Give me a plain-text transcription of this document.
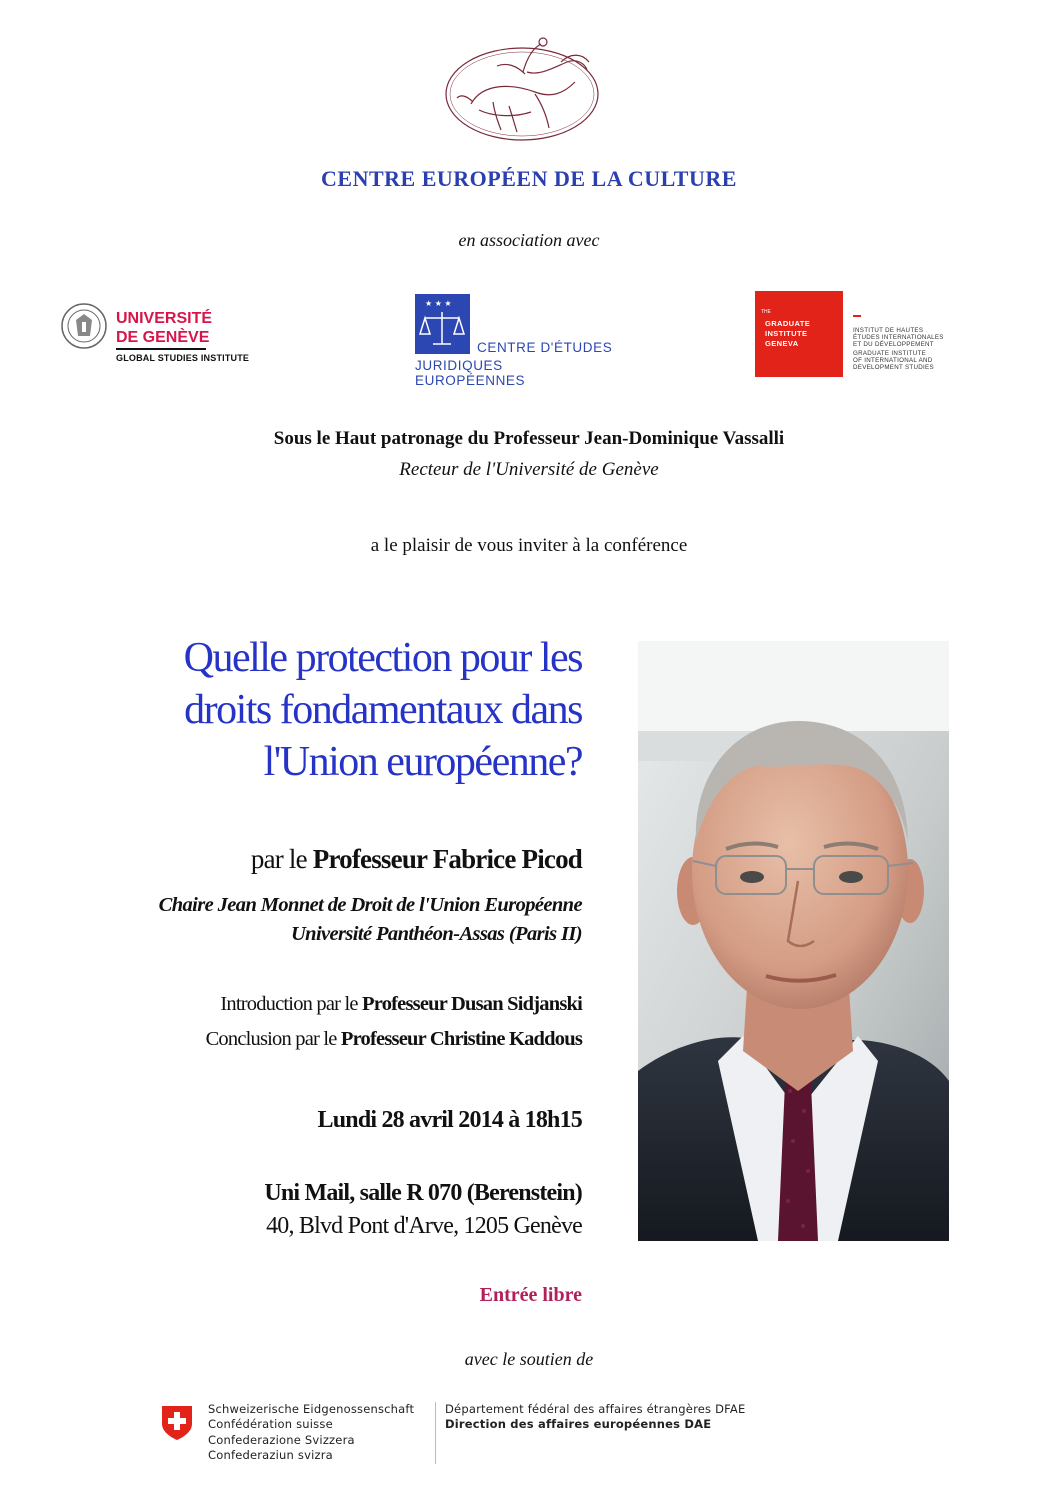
CENTRE EUROPÉEN DE LA CULTURE
en association avec
UNIVERSITÉ
DE GENÈVE
GLOBAL STUDIES INSTITUTE
★ ★ ★
CENTRE D'ÉTUDES
JURIDIQUES EUROPÉENNES
THE
GRADUATE
INSTITUTE
GENEVA
INSTITUT DE HAUTES
ÉTUDES INTERNATIONALES
ET DU DÉVELOPPEMENT
GRADUATE INSTITUTE
OF INTERNATIONAL AND
DEVELOPMENT STUDIES
Sous le Haut patronage du Professeur Jean-Dominique Vassalli
Recteur de l'Université de Genève
a le plaisir de vous inviter à la conférence
Quelle protection pour les
droits fondamentaux dans
l'Union européenne?
par le Professeur Fabrice Picod
Chaire Jean Monnet de Droit de l'Union Européenne
Université Panthéon-Assas (Paris II)
Introduction par le Professeur Dusan Sidjanski
Conclusion par le Professeur Christine Kaddous
Lundi 28 avril 2014 à 18h15
Uni Mail, salle R 070 (Berenstein)
40, Blvd Pont d'Arve, 1205 Genève
Entrée libre
avec le soutien de
Schweizerische Eidgenossenschaft
Confédération suisse
Confederazione Svizzera
Confederaziun svizra
Département fédéral des affaires étrangères DFAE
Direction des affaires européennes DAE
